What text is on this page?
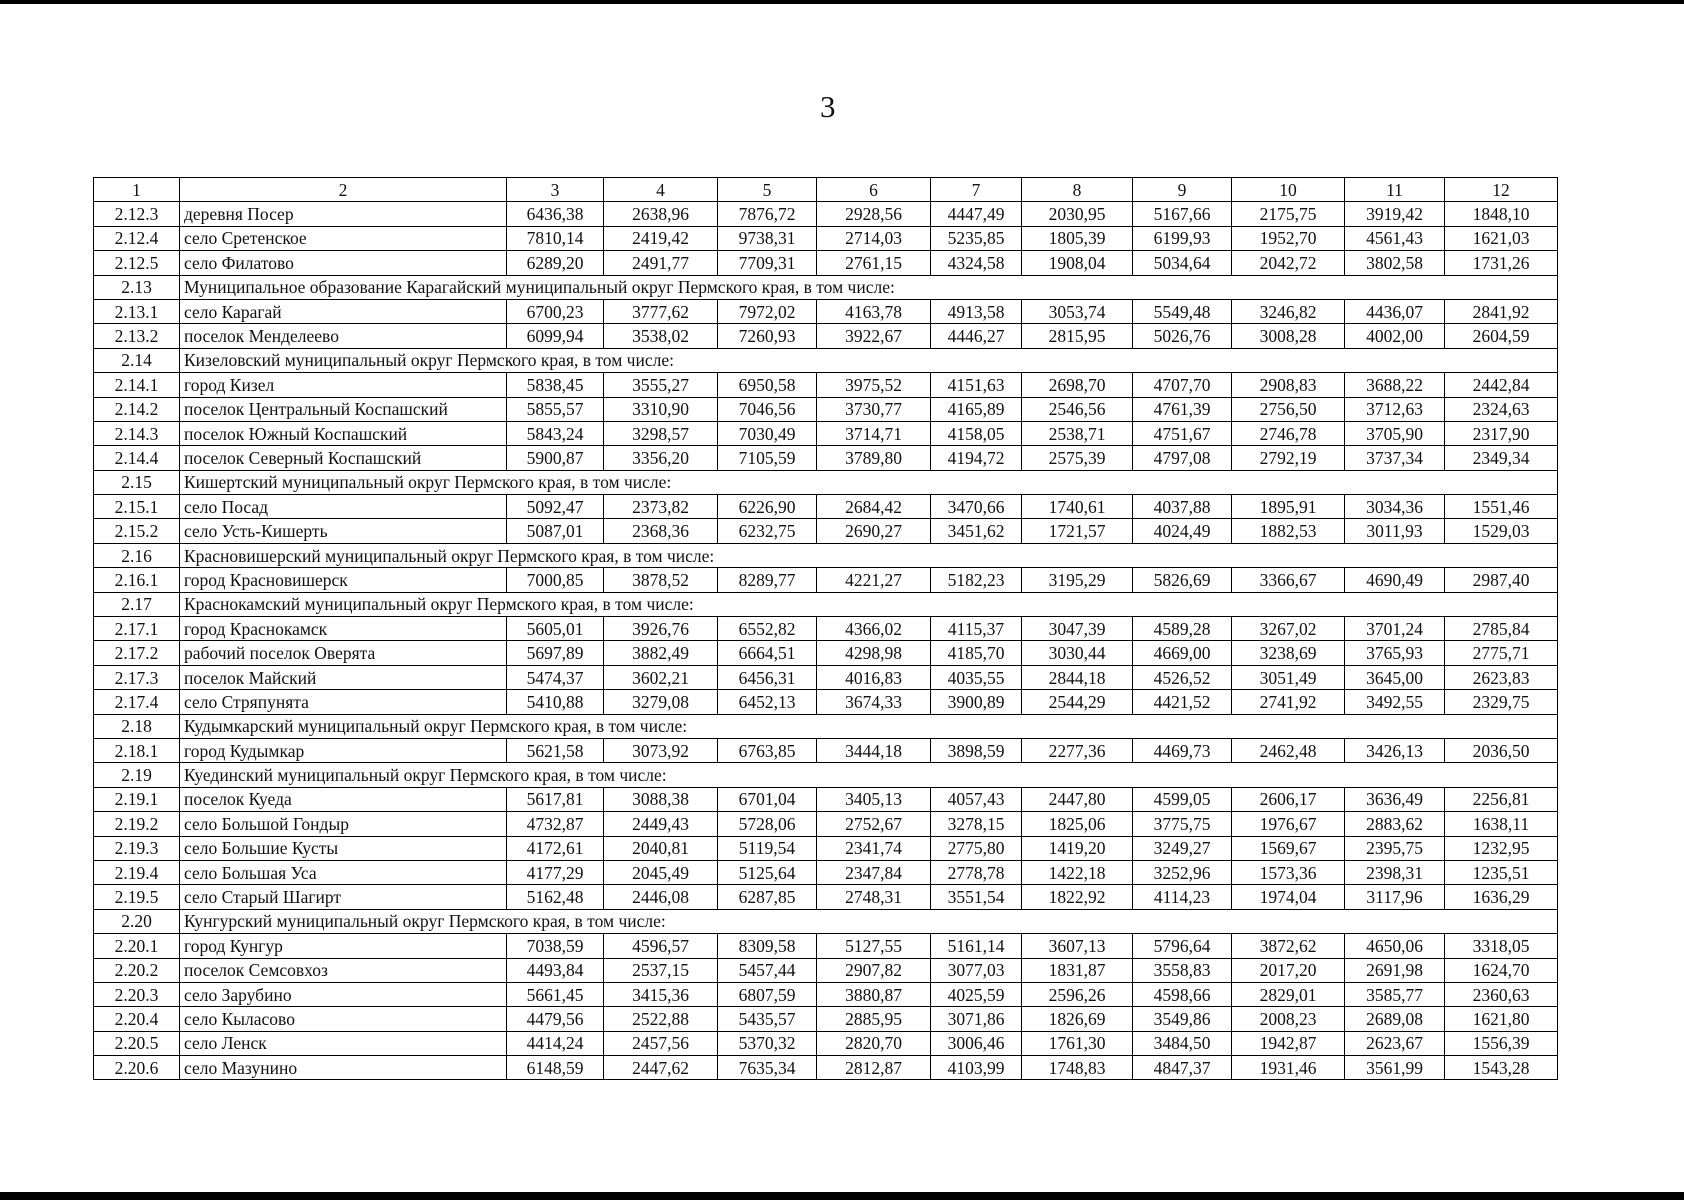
3
1	2	3	4	5	6	7	8	9	10	11	12
2.12.3	деревня Посер	6436,38	2638,96	7876,72	2928,56	4447,49	2030,95	5167,66	2175,75	3919,42	1848,10
2.12.4	село Сретенское	7810,14	2419,42	9738,31	2714,03	5235,85	1805,39	6199,93	1952,70	4561,43	1621,03
2.12.5	село Филатово	6289,20	2491,77	7709,31	2761,15	4324,58	1908,04	5034,64	2042,72	3802,58	1731,26
2.13	Муниципальное образование Карагайский муниципальный округ Пермского края, в том числе:										
2.13.1	село Карагай	6700,23	3777,62	7972,02	4163,78	4913,58	3053,74	5549,48	3246,82	4436,07	2841,92
2.13.2	поселок Менделеево	6099,94	3538,02	7260,93	3922,67	4446,27	2815,95	5026,76	3008,28	4002,00	2604,59
2.14	Кизеловский муниципальный округ Пермского края, в том числе:										
2.14.1	город Кизел	5838,45	3555,27	6950,58	3975,52	4151,63	2698,70	4707,70	2908,83	3688,22	2442,84
2.14.2	поселок Центральный Коспашский	5855,57	3310,90	7046,56	3730,77	4165,89	2546,56	4761,39	2756,50	3712,63	2324,63
2.14.3	поселок Южный Коспашский	5843,24	3298,57	7030,49	3714,71	4158,05	2538,71	4751,67	2746,78	3705,90	2317,90
2.14.4	поселок Северный Коспашский	5900,87	3356,20	7105,59	3789,80	4194,72	2575,39	4797,08	2792,19	3737,34	2349,34
2.15	Кишертский муниципальный округ Пермского края, в том числе:										
2.15.1	село Посад	5092,47	2373,82	6226,90	2684,42	3470,66	1740,61	4037,88	1895,91	3034,36	1551,46
2.15.2	село Усть-Кишерть	5087,01	2368,36	6232,75	2690,27	3451,62	1721,57	4024,49	1882,53	3011,93	1529,03
2.16	Красновишерский муниципальный округ Пермского края, в том числе:										
2.16.1	город Красновишерск	7000,85	3878,52	8289,77	4221,27	5182,23	3195,29	5826,69	3366,67	4690,49	2987,40
2.17	Краснокамский муниципальный округ Пермского края, в том числе:										
2.17.1	город Краснокамск	5605,01	3926,76	6552,82	4366,02	4115,37	3047,39	4589,28	3267,02	3701,24	2785,84
2.17.2	рабочий поселок Оверята	5697,89	3882,49	6664,51	4298,98	4185,70	3030,44	4669,00	3238,69	3765,93	2775,71
2.17.3	поселок Майский	5474,37	3602,21	6456,31	4016,83	4035,55	2844,18	4526,52	3051,49	3645,00	2623,83
2.17.4	село Стряпунята	5410,88	3279,08	6452,13	3674,33	3900,89	2544,29	4421,52	2741,92	3492,55	2329,75
2.18	Кудымкарский муниципальный округ Пермского края, в том числе:										
2.18.1	город Кудымкар	5621,58	3073,92	6763,85	3444,18	3898,59	2277,36	4469,73	2462,48	3426,13	2036,50
2.19	Куединский муниципальный округ Пермского края, в том числе:										
2.19.1	поселок Куеда	5617,81	3088,38	6701,04	3405,13	4057,43	2447,80	4599,05	2606,17	3636,49	2256,81
2.19.2	село Большой Гондыр	4732,87	2449,43	5728,06	2752,67	3278,15	1825,06	3775,75	1976,67	2883,62	1638,11
2.19.3	село Большие Кусты	4172,61	2040,81	5119,54	2341,74	2775,80	1419,20	3249,27	1569,67	2395,75	1232,95
2.19.4	село Большая Уса	4177,29	2045,49	5125,64	2347,84	2778,78	1422,18	3252,96	1573,36	2398,31	1235,51
2.19.5	село Старый Шагирт	5162,48	2446,08	6287,85	2748,31	3551,54	1822,92	4114,23	1974,04	3117,96	1636,29
2.20	Кунгурский муниципальный округ Пермского края, в том числе:										
2.20.1	город Кунгур	7038,59	4596,57	8309,58	5127,55	5161,14	3607,13	5796,64	3872,62	4650,06	3318,05
2.20.2	поселок Семсовхоз	4493,84	2537,15	5457,44	2907,82	3077,03	1831,87	3558,83	2017,20	2691,98	1624,70
2.20.3	село Зарубино	5661,45	3415,36	6807,59	3880,87	4025,59	2596,26	4598,66	2829,01	3585,77	2360,63
2.20.4	село Кыласово	4479,56	2522,88	5435,57	2885,95	3071,86	1826,69	3549,86	2008,23	2689,08	1621,80
2.20.5	село Ленск	4414,24	2457,56	5370,32	2820,70	3006,46	1761,30	3484,50	1942,87	2623,67	1556,39
2.20.6	село Мазунино	6148,59	2447,62	7635,34	2812,87	4103,99	1748,83	4847,37	1931,46	3561,99	1543,28
